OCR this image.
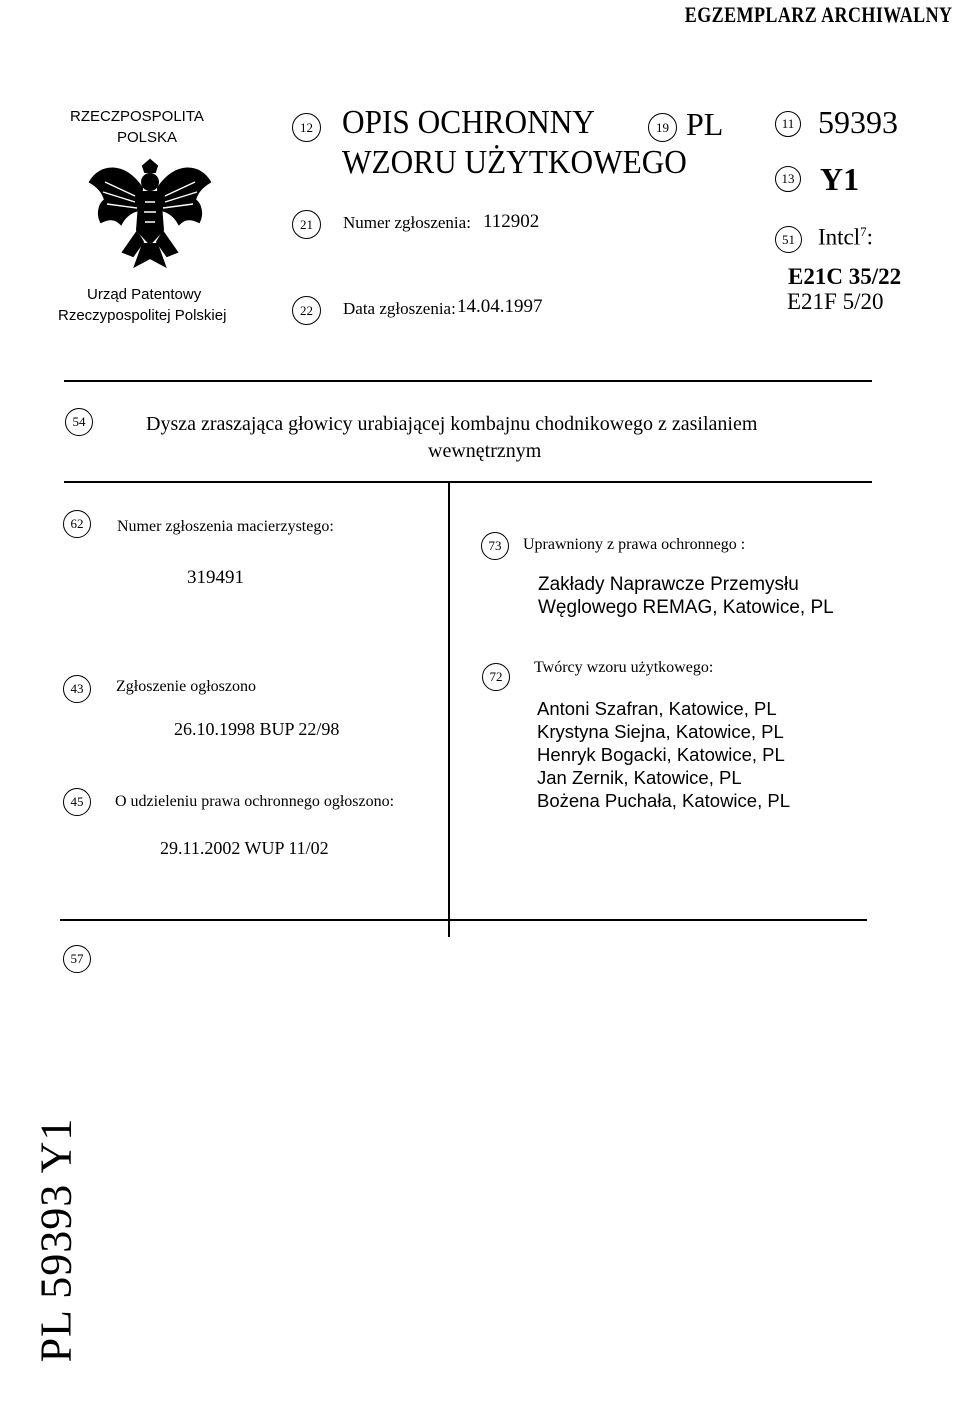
EGZEMPLARZ ARCHIWALNY
RZECZPOSPOLITA
POLSKA
Urząd Patentowy
Rzeczypospolitej Polskiej
12 OPIS OCHRONNY
WZORU UŻYTKOWEGO
19 PL	11 59393
13 Y1
21	Numer zgłoszenia: 112902
51	Intcl$^7$:
E21C 35/22
E21F 5/20
22	Data zgłoszenia: 14.04.1997
54	Dysza zraszająca głowicy urabiającej kombajnu chodnikowego z zasilaniem
wewnętrznym
62	Numer zgłoszenia macierzystego:
319491
43	Zgłoszenie ogłoszono
26.10.1998 BUP 22/98
45	O udzieleniu prawa ochronnego ogłoszono:
29.11.2002 WUP 11/02
73	Uprawniony z prawa ochronnego :
Zakłady Naprawcze Przemysłu
Węglowego REMAG, Katowice, PL
72
Twórcy wzoru użytkowego:
Antoni Szafran, Katowice, PL
Krystyna Siejna, Katowice, PL
Henryk Bogacki, Katowice, PL
Jan Zernik, Katowice, PL
Bożena Puchała, Katowice, PL
57
PL 59393 Y1
